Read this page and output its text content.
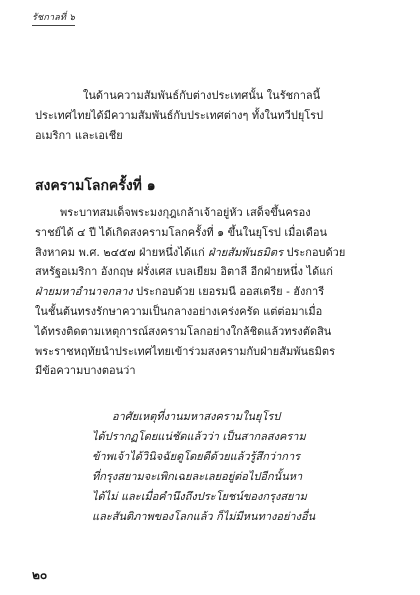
รัชกาลที่ ๖
ในด้านความสัมพันธ์กับต่างประเทศนั้น ในรัชกาลนี้
ประเทศไทยได้มีความสัมพันธ์กับประเทศต่างๆ ทั้งในทวีปยุโรป
อเมริกา และเอเชีย
สงครามโลกครั้งที่ ๑
พระบาทสมเด็จพระมงกุฎเกล้าเจ้าอยู่หัว เสด็จขึ้นครอง
ราชย์ได้ ๔ ปี ได้เกิดสงครามโลกครั้งที่ ๑ ขึ้นในยุโรป เมื่อเดือน
สิงหาคม พ.ศ. ๒๔๕๗ ฝ่ายหนึ่งได้แก่ ฝ่ายสัมพันธมิตร ประกอบด้วย
สหรัฐอเมริกา อังกฤษ ฝรั่งเศส เบลเยียม อิตาลี อีกฝ่ายหนึ่ง ได้แก่
ฝ่ายมหาอำนาจกลาง ประกอบด้วย เยอรมนี ออสเตรีย - ฮังการี
ในชั้นต้นทรงรักษาความเป็นกลางอย่างเคร่งครัด แต่ต่อมาเมื่อ
ได้ทรงติดตามเหตุการณ์สงครามโลกอย่างใกล้ชิดแล้วทรงตัดสิน
พระราชหฤทัยนำประเทศไทยเข้าร่วมสงครามกับฝ่ายสัมพันธมิตร
มีข้อความบางตอนว่า
อาศัยเหตุที่งานมหาสงครามในยุโรป
ได้ปรากฏโดยแน่ชัดแล้วว่า เป็นสากลสงคราม
ข้าพเจ้าได้วินิจฉัยดูโดยดีด้วยแล้วรู้สึกว่าการ
ที่กรุงสยามจะเพิกเฉยละเลยอยู่ต่อไปอีกนั้นหา
ได้ไม่ และเมื่อคำนึงถึงประโยชน์ของกรุงสยาม
และสันติภาพของโลกแล้ว ก็ไม่มีหนทางอย่างอื่น
๒๐
